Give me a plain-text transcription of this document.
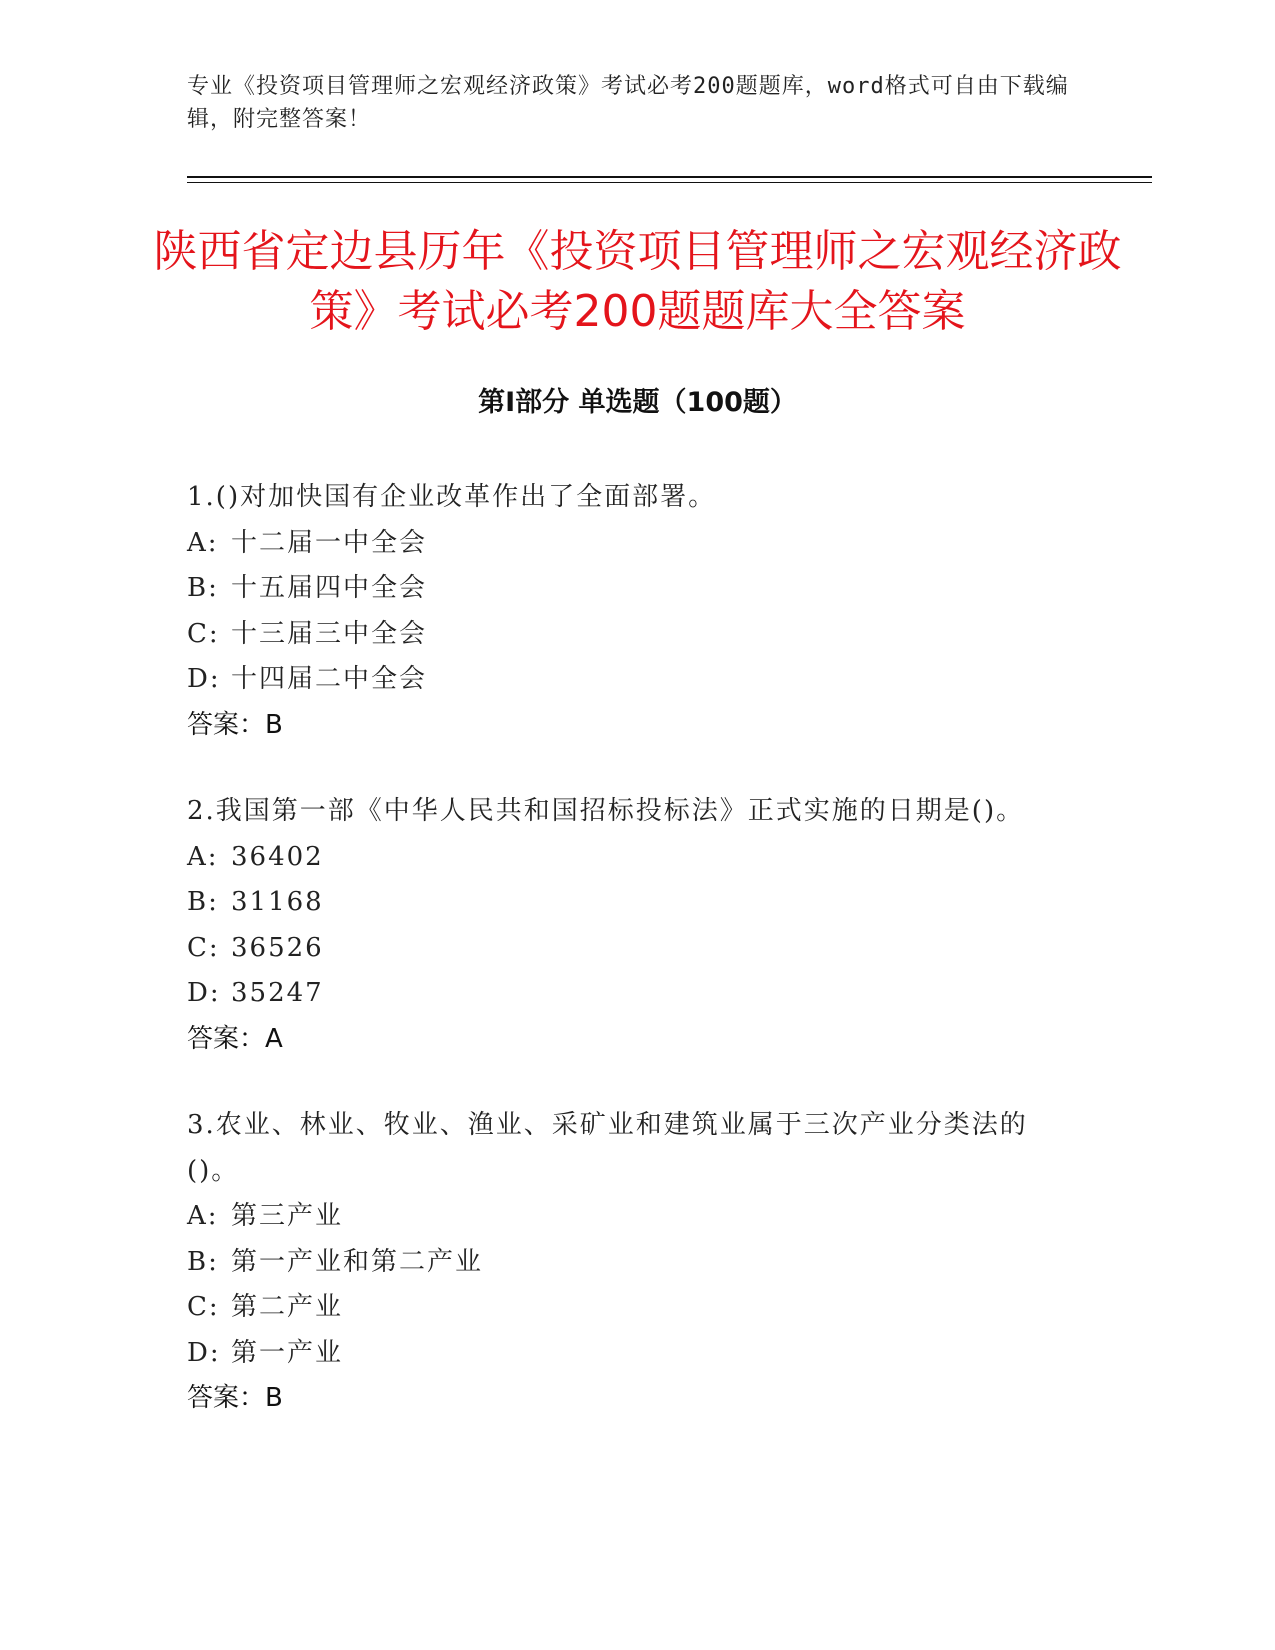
专业《投资项目管理师之宏观经济政策》考试必考200题题库，word格式可自由下载编辑，附完整答案！
陕西省定边县历年《投资项目管理师之宏观经济政策》考试必考200题题库大全答案
第Ⅰ部分 单选题（100题）
1.()对加快国有企业改革作出了全面部署。
A: 十二届一中全会
B: 十五届四中全会
C: 十三届三中全会
D: 十四届二中全会
答案：B
2.我国第一部《中华人民共和国招标投标法》正式实施的日期是()。
A: 36402
B: 31168
C: 36526
D: 35247
答案：A
3.农业、林业、牧业、渔业、采矿业和建筑业属于三次产业分类法的()。
A: 第三产业
B: 第一产业和第二产业
C: 第二产业
D: 第一产业
答案：B
